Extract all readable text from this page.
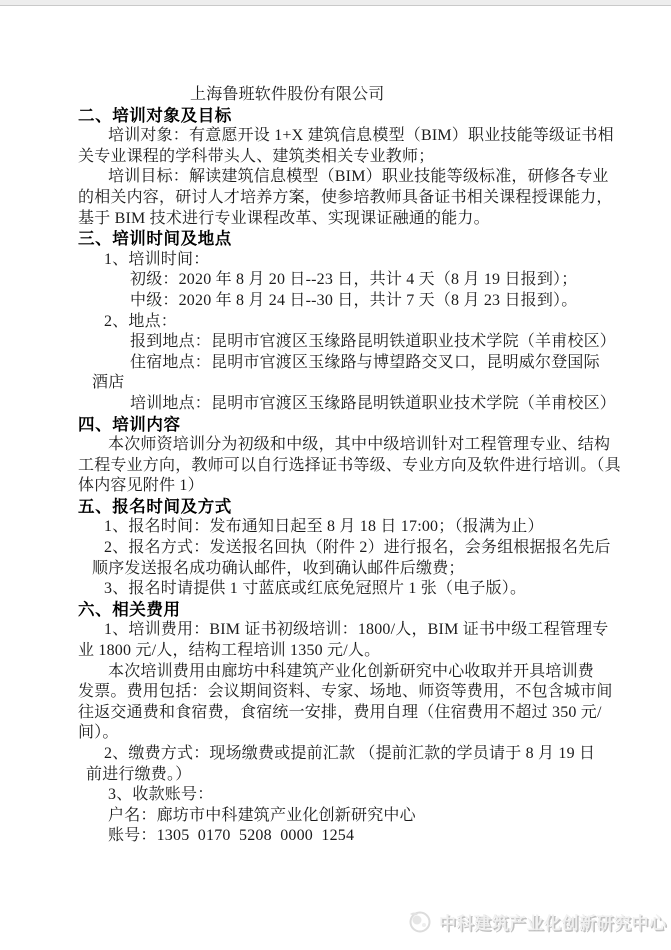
上海鲁班软件股份有限公司
二、培训对象及目标
培训对象：有意愿开设 1+X 建筑信息模型（BIM）职业技能等级证书相
关专业课程的学科带头人、建筑类相关专业教师；
培训目标：解读建筑信息模型（BIM）职业技能等级标准，研修各专业
的相关内容，研讨人才培养方案，使参培教师具备证书相关课程授课能力，
基于 BIM 技术进行专业课程改革、实现课证融通的能力。
三、培训时间及地点
1、培训时间：
初级：2020 年 8 月 20 日--23 日，共计 4 天（8 月 19 日报到）；
中级：2020 年 8 月 24 日--30 日，共计 7 天（8 月 23 日报到）。
2、地点：
报到地点：昆明市官渡区玉缘路昆明铁道职业技术学院（羊甫校区）
住宿地点：昆明市官渡区玉缘路与博望路交叉口，昆明威尔登国际
酒店
培训地点：昆明市官渡区玉缘路昆明铁道职业技术学院（羊甫校区）
四、培训内容
本次师资培训分为初级和中级，其中中级培训针对工程管理专业、结构
工程专业方向，教师可以自行选择证书等级、专业方向及软件进行培训。（具
体内容见附件 1）
五、报名时间及方式
1、报名时间：发布通知日起至 8 月 18 日 17:00；（报满为止）
2、报名方式：发送报名回执（附件 2）进行报名，会务组根据报名先后
顺序发送报名成功确认邮件，收到确认邮件后缴费；
3、报名时请提供 1 寸蓝底或红底免冠照片 1 张（电子版）。
六、相关费用
1、培训费用：BIM 证书初级培训：1800/人，BIM 证书中级工程管理专
业 1800 元/人，结构工程培训 1350 元/人。
本次培训费用由廊坊中科建筑产业化创新研究中心收取并开具培训费
发票。费用包括：会议期间资料、专家、场地、师资等费用，不包含城市间
往返交通费和食宿费，食宿统一安排，费用自理（住宿费用不超过 350 元/
间）。
2、缴费方式：现场缴费或提前汇款 （提前汇款的学员请于 8 月 19 日
前进行缴费。）
3、收款账号：
户名：廊坊市中科建筑产业化创新研究中心
账号：1305  0170  5208  0000  1254
中科建筑产业化创新研究中心
